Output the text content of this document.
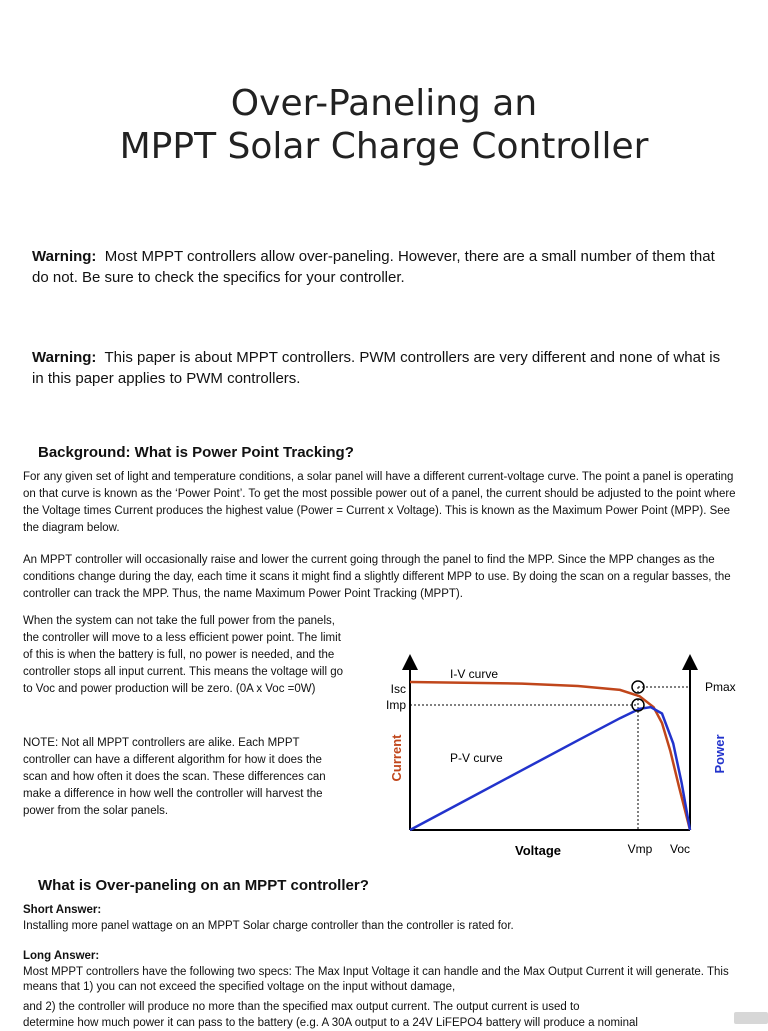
Over-Paneling an
MPPT Solar Charge Controller
Warning: Most MPPT controllers allow over-paneling. However, there are a small number of them that do not. Be sure to check the specifics for your controller.
Warning: This paper is about MPPT controllers. PWM controllers are very different and none of what is in this paper applies to PWM controllers.
Background: What is Power Point Tracking?
For any given set of light and temperature conditions, a solar panel will have a different current-voltage curve. The point a panel is operating on that curve is known as the ‘Power Point’. To get the most possible power out of a panel, the current should be adjusted to the point where the Voltage times Current produces the highest value (Power = Current x Voltage). This is known as the Maximum Power Point (MPP). See the diagram below.
An MPPT controller will occasionally raise and lower the current going through the panel to find the MPP. Since the MPP changes as the conditions change during the day, each time it scans it might find a slightly different MPP to use. By doing the scan on a regular basses, the controller can track the MPP. Thus, the name Maximum Power Point Tracking (MPPT).
When the system can not take the full power from the panels, the controller will move to a less efficient power point. The limit of this is when the battery is full, no power is needed, and the controller stops all input current. This means the voltage will go to Voc and power production will be zero. (0A x Voc =0W)
NOTE: Not all MPPT controllers are alike. Each MPPT controller can have a different algorithm for how it does the scan and how often it does the scan. These differences can make a difference in how well the controller will harvest the power from the solar panels.
I-V curve
P-V curve
Isc
Imp
Pmax
Vmp Voc
Voltage
Current	Power
What is Over-paneling on an MPPT controller?
Short Answer:
Installing more panel wattage on an MPPT Solar charge controller than the controller is rated for.
Long Answer:
Most MPPT controllers have the following two specs: The Max Input Voltage it can handle and the Max Output Current it will generate. This means that 1) you can not exceed the specified voltage on the input without damage,
and 2) the controller will produce no more than the specified max output current. The output current is used to
determine how much power it can pass to the battery (e.g. A 30A output to a 24V LiFEPO4 battery will produce a nominal
